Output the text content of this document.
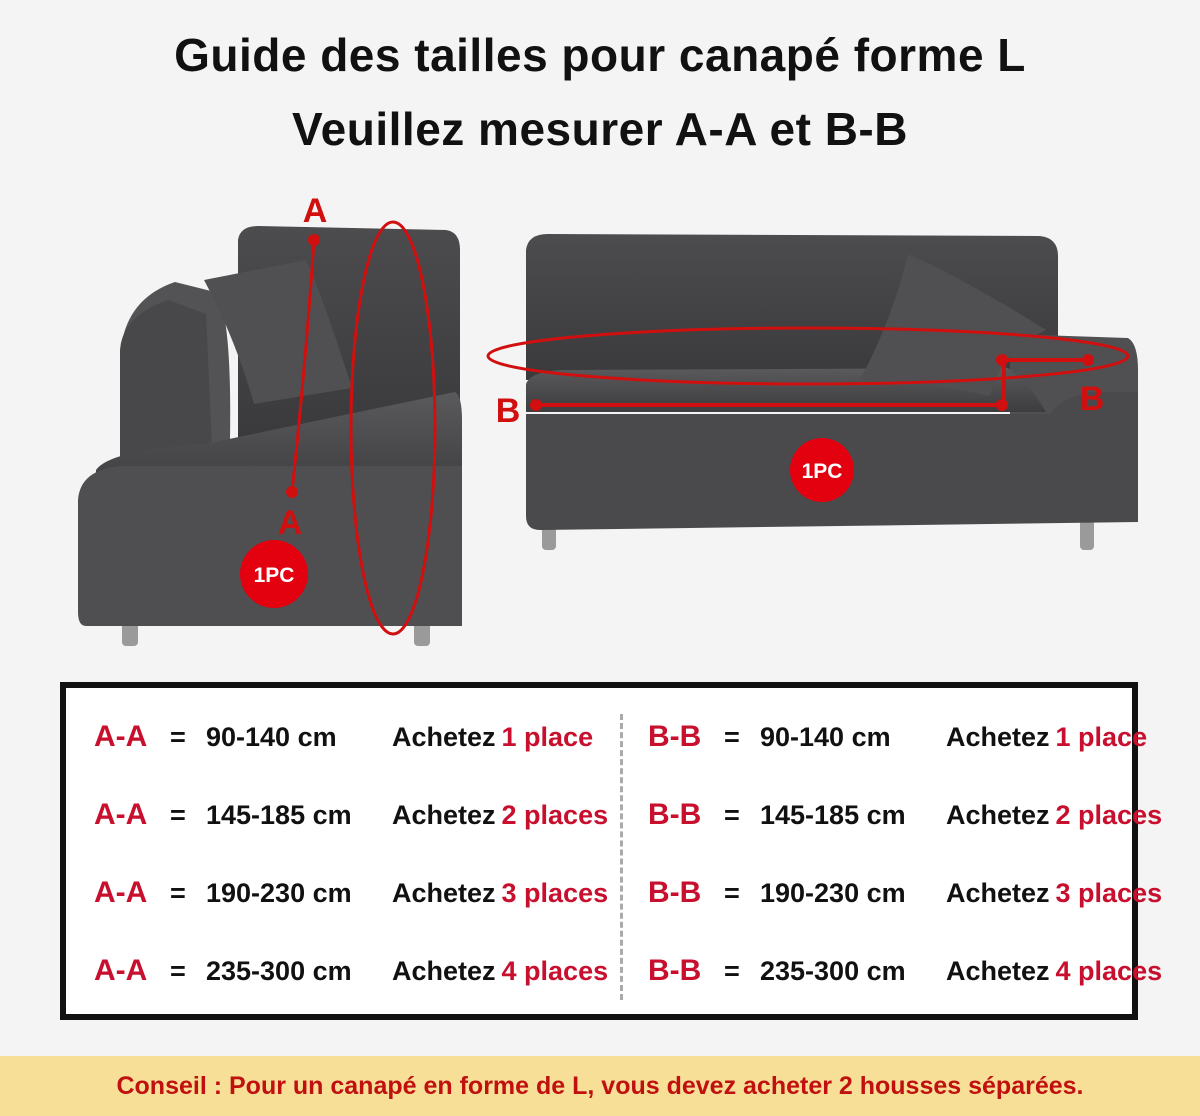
Guide des tailles pour canapé forme L
Veuillez mesurer A-A et B-B
A
A
1PC
B	B
1PC
A-A = 90-140 cm	Achetez 1 place
A-A = 145-185 cm	Achetez 2 places
A-A = 190-230 cm	Achetez 3 places
A-A = 235-300 cm	Achetez 4 places
B-B = 90-140 cm	Achetez 1 place
B-B = 145-185 cm	Achetez 2 places
B-B = 190-230 cm	Achetez 3 places
B-B = 235-300 cm	Achetez 4 places
Conseil : Pour un canapé en forme de L, vous devez acheter 2 housses séparées.
